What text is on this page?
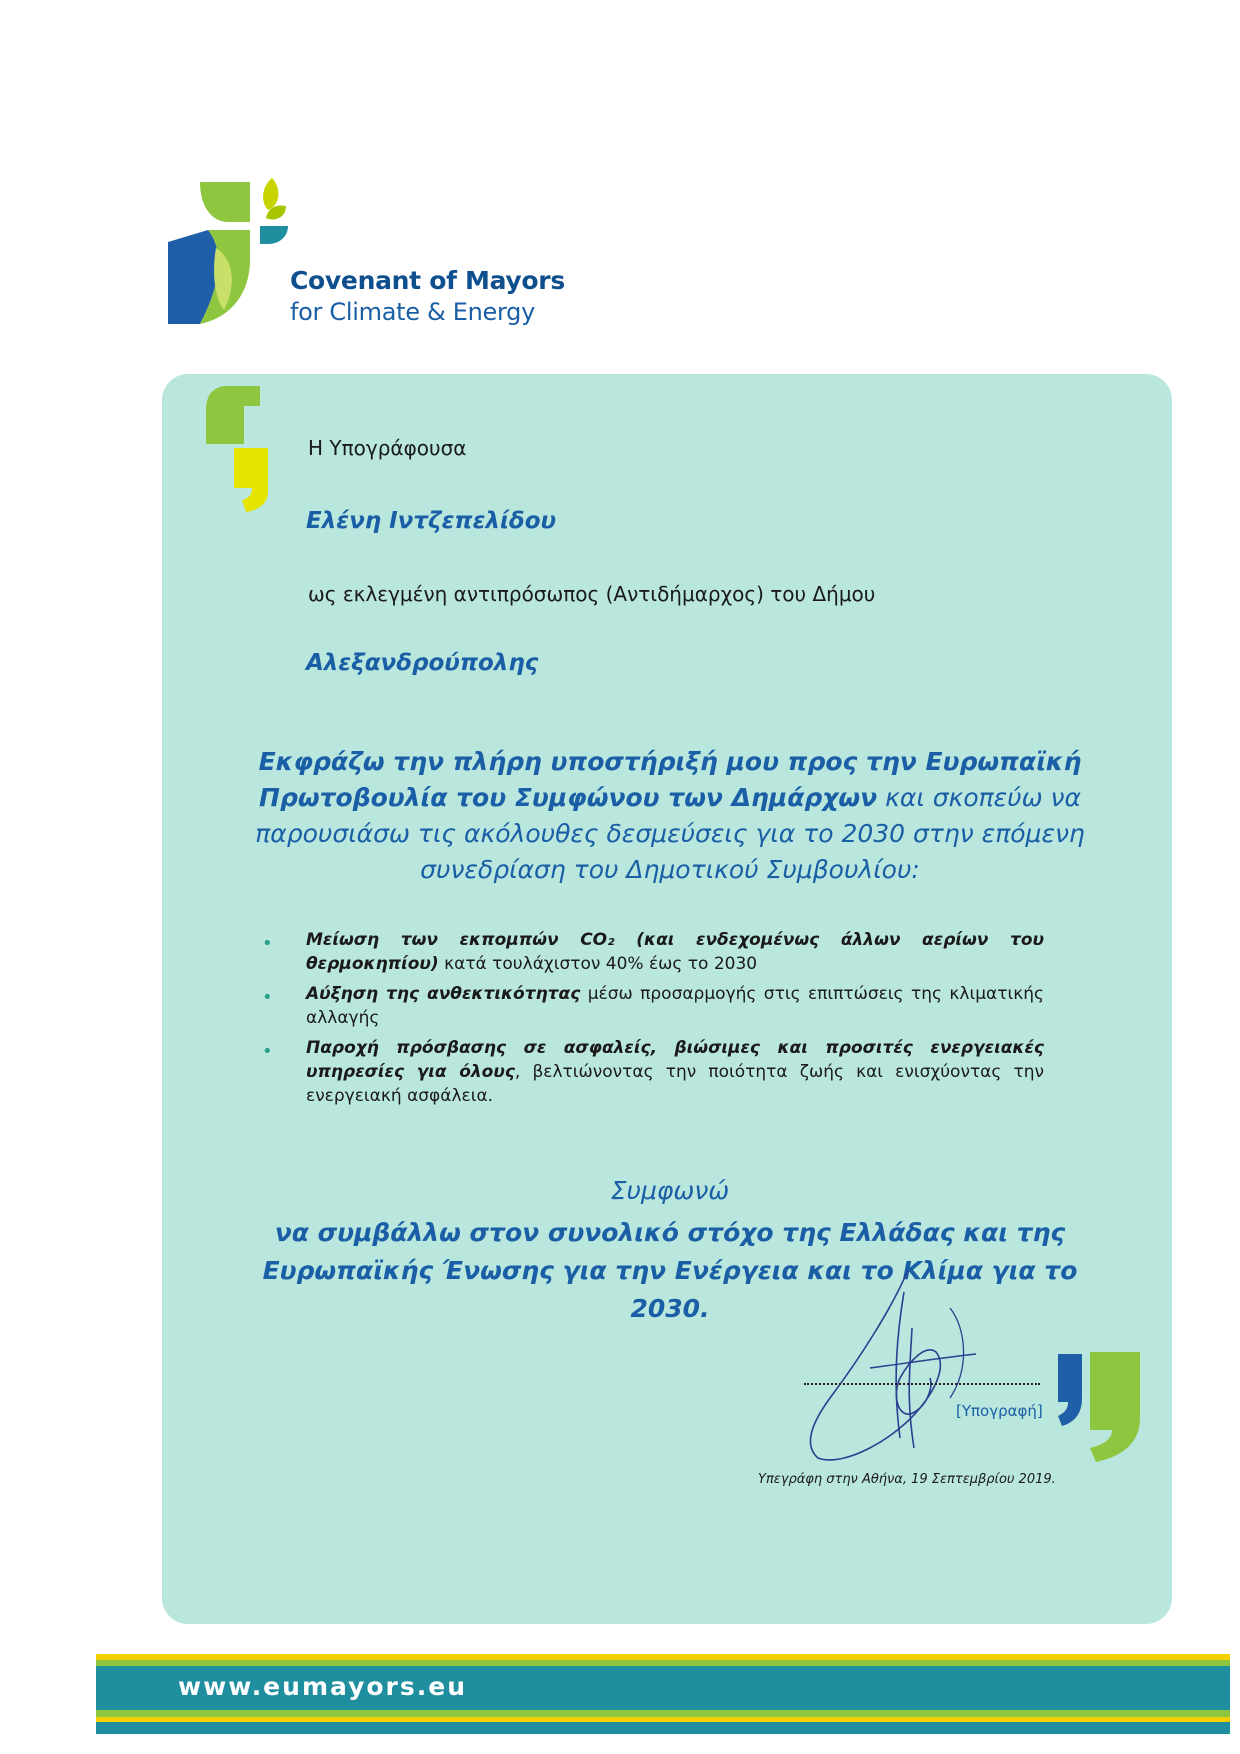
Covenant of Mayors
for Climate & Energy
Η Υπογράφουσα
Ελένη Ιντζεπελίδου
ως εκλεγμένη αντιπρόσωπος (Αντιδήμαρχος) του Δήμου
Αλεξανδρούπολης
Εκφράζω την πλήρη υποστήριξή μου προς την Ευρωπαϊκή Πρωτοβουλία του Συμφώνου των Δημάρχων και σκοπεύω να παρουσιάσω τις ακόλουθες δεσμεύσεις για το 2030 στην επόμενη συνεδρίαση του Δημοτικού Συμβουλίου:
• Μείωση των εκπομπών CO₂ (και ενδεχομένως άλλων αερίων του θερμοκηπίου) κατά τουλάχιστον 40% έως το 2030
• Αύξηση της ανθεκτικότητας μέσω προσαρμογής στις επιπτώσεις της κλιματικής αλλαγής
• Παροχή πρόσβασης σε ασφαλείς, βιώσιμες και προσιτές ενεργειακές υπηρεσίες για όλους, βελτιώνοντας την ποιότητα ζωής και ενισχύοντας την ενεργειακή ασφάλεια.
Συμφωνώ
να συμβάλλω στον συνολικό στόχο της Ελλάδας και της Ευρωπαϊκής Ένωσης για την Ενέργεια και το Κλίμα για το 2030.
[Υπογραφή]
Υπεγράφη στην Αθήνα, 19 Σεπτεμβρίου 2019.
www.eumayors.eu
